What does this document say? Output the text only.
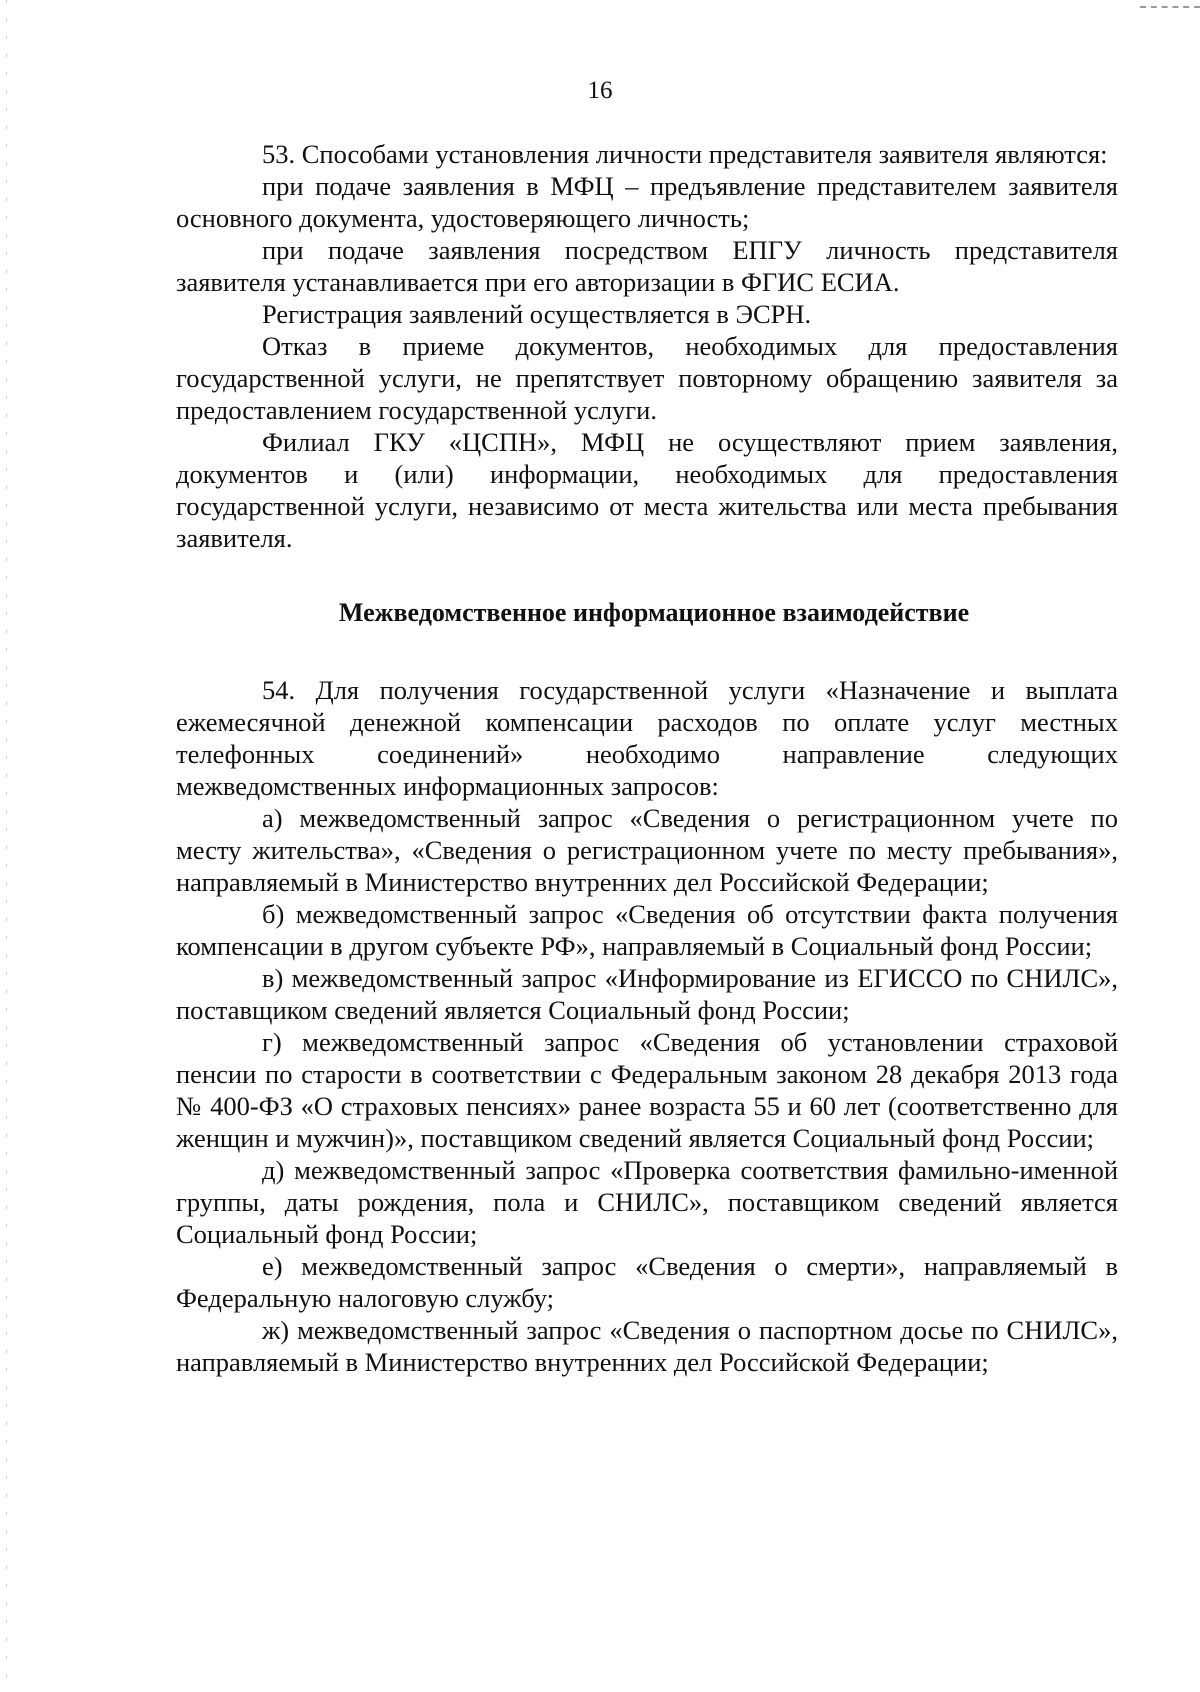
16

53. Способами установления личности представителя заявителя являются:

при подаче заявления в МФЦ – предъявление представителем заявителя основного документа, удостоверяющего личность;

при подаче заявления посредством ЕПГУ личность представителя заявителя устанавливается при его авторизации в ФГИС ЕСИА.

Регистрация заявлений осуществляется в ЭСРН.

Отказ в приеме документов, необходимых для предоставления государственной услуги, не препятствует повторному обращению заявителя за предоставлением государственной услуги.

Филиал ГКУ «ЦСПН», МФЦ не осуществляют прием заявления, документов и (или) информации, необходимых для предоставления государственной услуги, независимо от места жительства или места пребывания заявителя.

Межведомственное информационное взаимодействие

54. Для получения государственной услуги «Назначение и выплата ежемесячной денежной компенсации расходов по оплате услуг местных телефонных соединений» необходимо направление следующих межведомственных информационных запросов:

а) межведомственный запрос «Сведения о регистрационном учете по месту жительства», «Сведения о регистрационном учете по месту пребывания», направляемый в Министерство внутренних дел Российской Федерации;

б) межведомственный запрос «Сведения об отсутствии факта получения компенсации в другом субъекте РФ», направляемый в Социальный фонд России;

в) межведомственный запрос «Информирование из ЕГИССО по СНИЛС», поставщиком сведений является Социальный фонд России;

г) межведомственный запрос «Сведения об установлении страховой пенсии по старости в соответствии с Федеральным законом 28 декабря 2013 года № 400-ФЗ «О страховых пенсиях» ранее возраста 55 и 60 лет (соответственно для женщин и мужчин)», поставщиком сведений является Социальный фонд России;

д) межведомственный запрос «Проверка соответствия фамильно-именной группы, даты рождения, пола и СНИЛС», поставщиком сведений является Социальный фонд России;

е) межведомственный запрос «Сведения о смерти», направляемый в Федеральную налоговую службу;

ж) межведомственный запрос «Сведения о паспортном досье по СНИЛС», направляемый в Министерство внутренних дел Российской Федерации;
